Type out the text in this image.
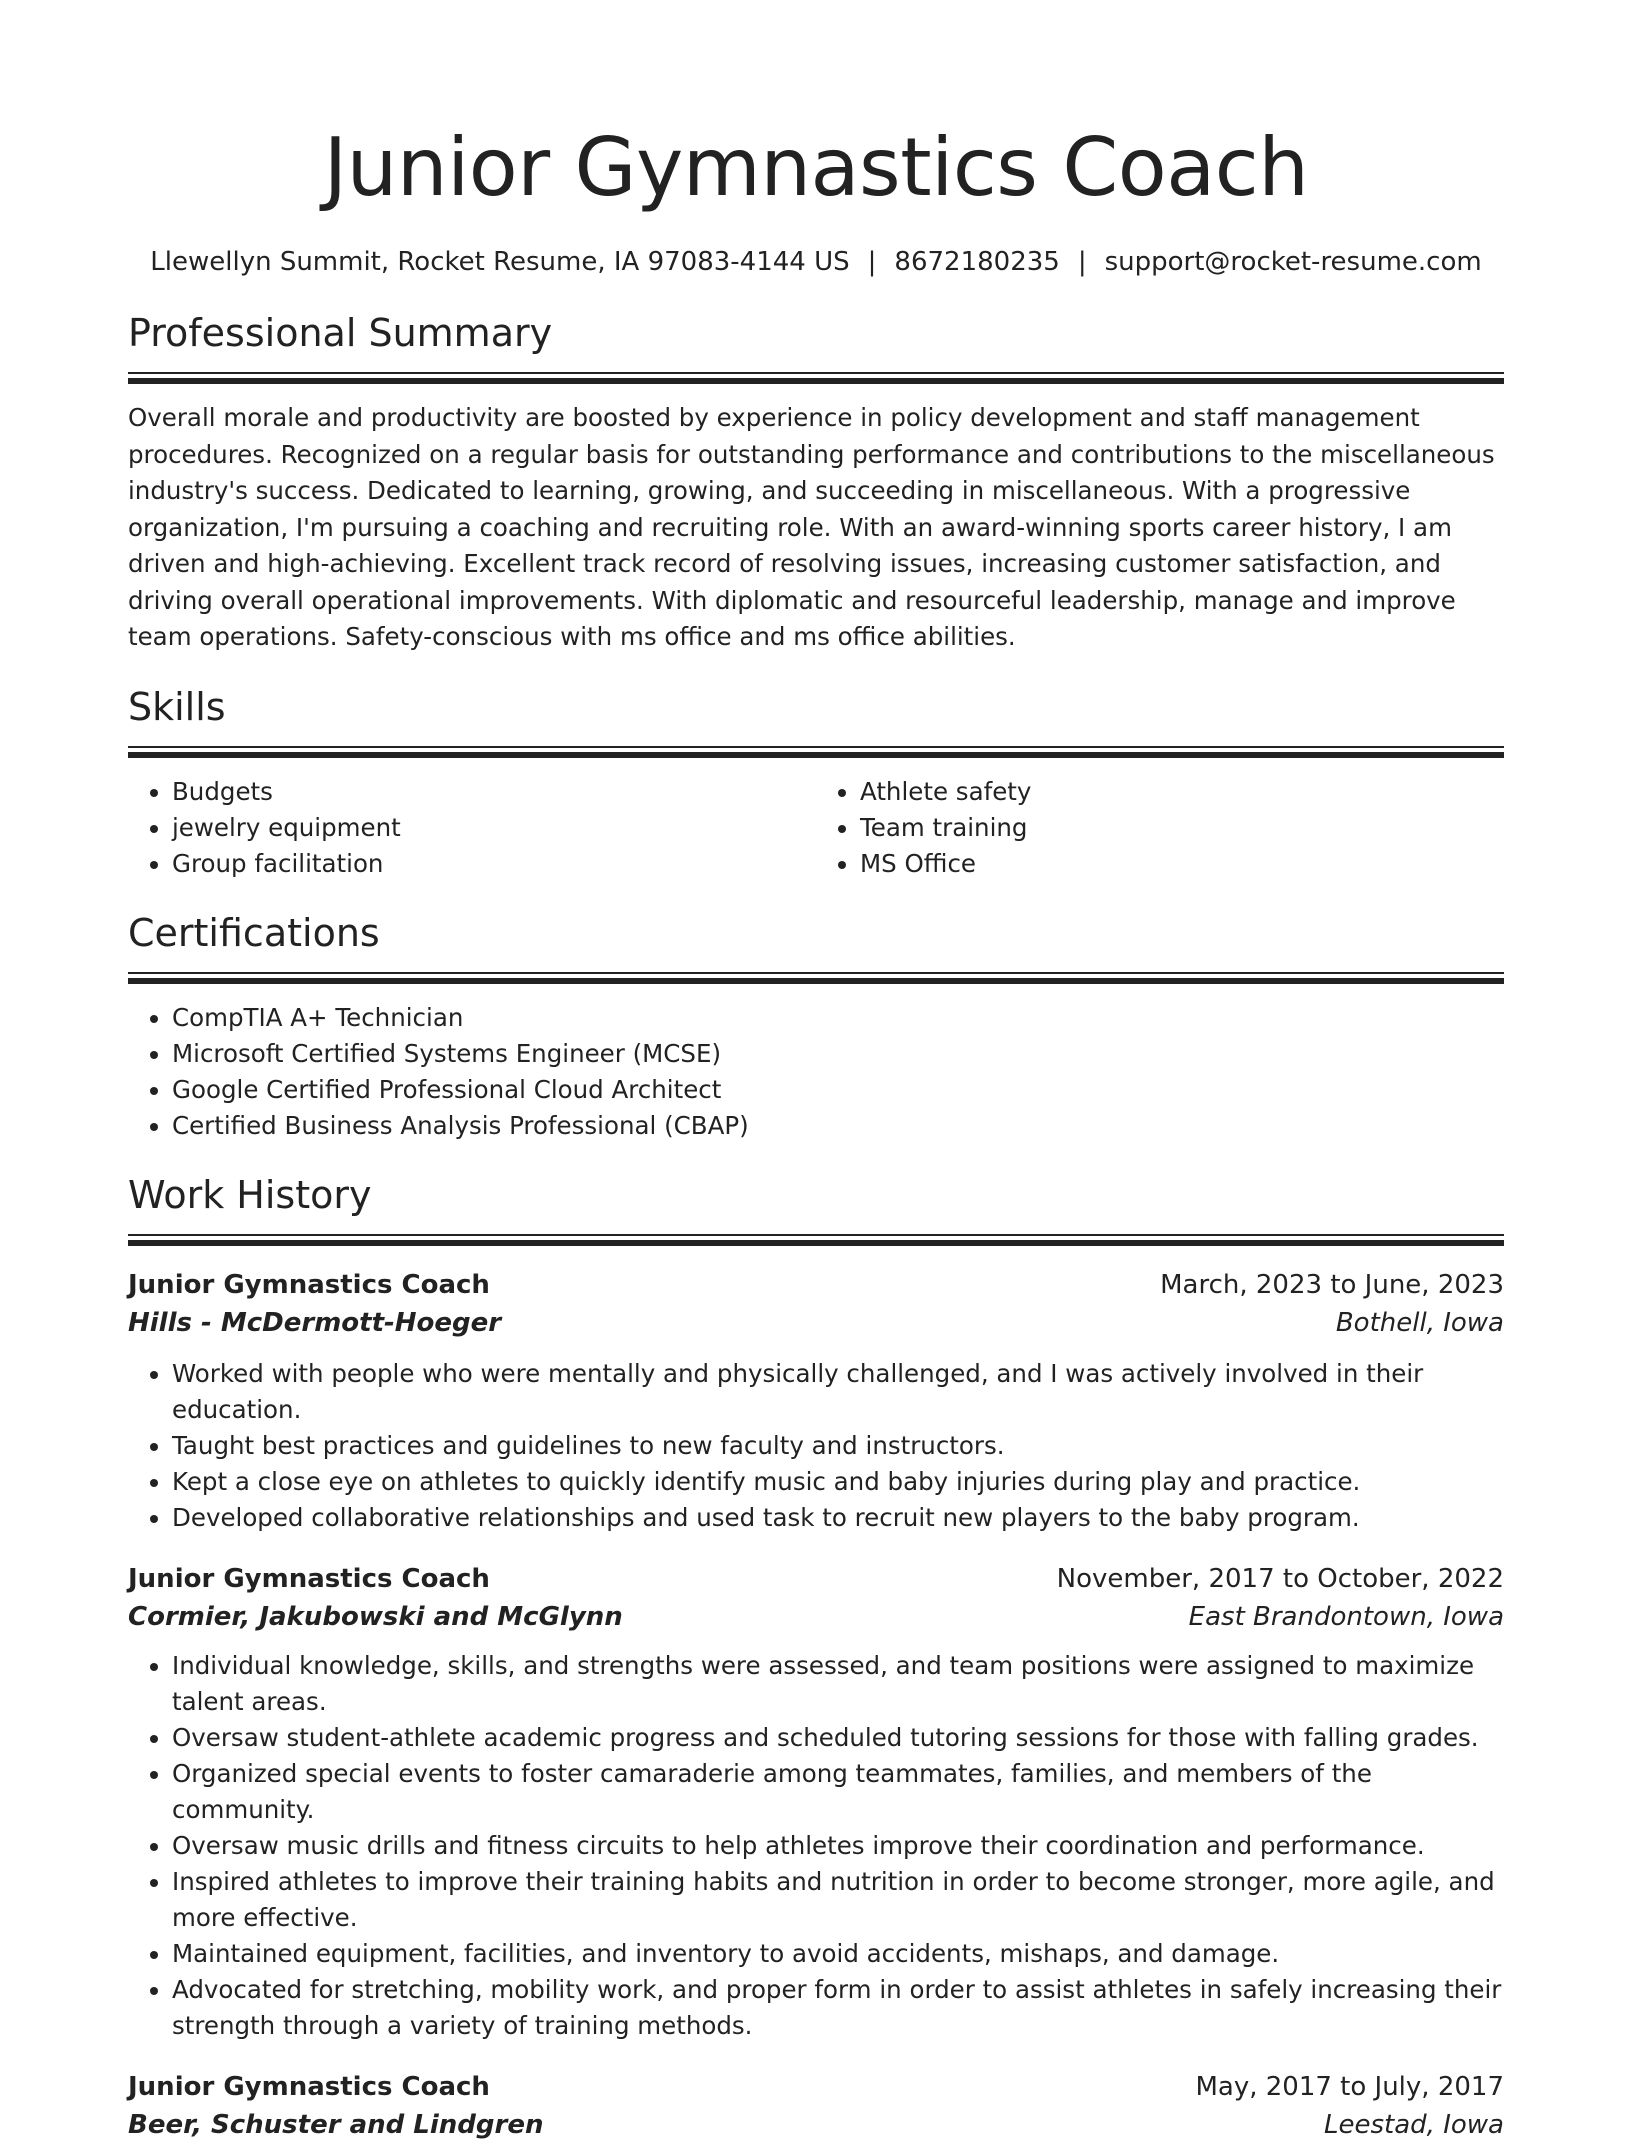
Junior Gymnastics Coach
Llewellyn Summit, Rocket Resume, IA 97083-4144 US | 8672180235 | support@rocket-resume.com
Professional Summary
Overall morale and productivity are boosted by experience in policy development and staff management procedures. Recognized on a regular basis for outstanding performance and contributions to the miscellaneous industry's success. Dedicated to learning, growing, and succeeding in miscellaneous. With a progressive organization, I'm pursuing a coaching and recruiting role. With an award-winning sports career history, I am driven and high-achieving. Excellent track record of resolving issues, increasing customer satisfaction, and driving overall operational improvements. With diplomatic and resourceful leadership, manage and improve team operations. Safety-conscious with ms office and ms office abilities.
Skills
• Budgets
• jewelry equipment
• Group facilitation
• Athlete safety
• Team training
• MS Office
Certifications
• CompTIA A+ Technician
• Microsoft Certified Systems Engineer (MCSE)
• Google Certified Professional Cloud Architect
• Certified Business Analysis Professional (CBAP)
Work History
Junior Gymnastics Coach	March, 2023 to June, 2023
Hills - McDermott-Hoeger	Bothell, Iowa
• Worked with people who were mentally and physically challenged, and I was actively involved in their education.
• Taught best practices and guidelines to new faculty and instructors.
• Kept a close eye on athletes to quickly identify music and baby injuries during play and practice.
• Developed collaborative relationships and used task to recruit new players to the baby program.
Junior Gymnastics Coach	November, 2017 to October, 2022
Cormier, Jakubowski and McGlynn	East Brandontown, Iowa
• Individual knowledge, skills, and strengths were assessed, and team positions were assigned to maximize talent areas.
• Oversaw student-athlete academic progress and scheduled tutoring sessions for those with falling grades.
• Organized special events to foster camaraderie among teammates, families, and members of the community.
• Oversaw music drills and fitness circuits to help athletes improve their coordination and performance.
• Inspired athletes to improve their training habits and nutrition in order to become stronger, more agile, and more effective.
• Maintained equipment, facilities, and inventory to avoid accidents, mishaps, and damage.
• Advocated for stretching, mobility work, and proper form in order to assist athletes in safely increasing their strength through a variety of training methods.
Junior Gymnastics Coach	May, 2017 to July, 2017
Beer, Schuster and Lindgren	Leestad, Iowa
